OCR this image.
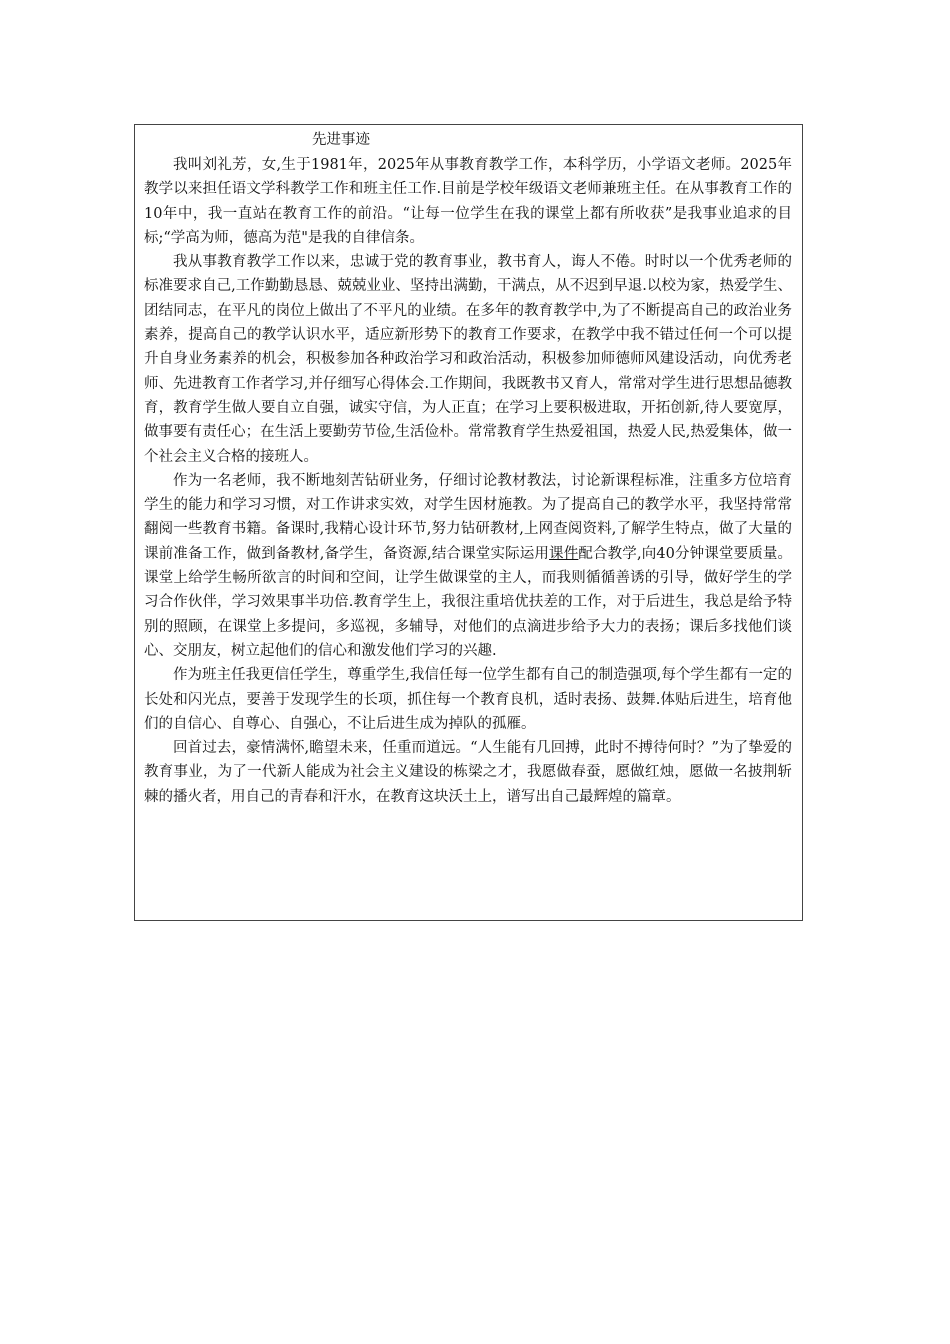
先进事迹

我叫刘礼芳，女,生于1981年，2025年从事教育教学工作，本科学历，小学语文老师。2025年教学以来担任语文学科教学工作和班主任工作.目前是学校年级语文老师兼班主任。在从事教育工作的10年中，我一直站在教育工作的前沿。“让每一位学生在我的课堂上都有所收获”是我事业追求的目标;“学高为师，德高为范"是我的自律信条。

我从事教育教学工作以来，忠诚于党的教育事业，教书育人，诲人不倦。时时以一个优秀老师的标准要求自己,工作勤勤恳恳、兢兢业业、坚持出满勤，干满点，从不迟到早退.以校为家，热爱学生、团结同志，在平凡的岗位上做出了不平凡的业绩。在多年的教育教学中,为了不断提高自己的政治业务素养，提高自己的教学认识水平，适应新形势下的教育工作要求，在教学中我不错过任何一个可以提升自身业务素养的机会，积极参加各种政治学习和政治活动，积极参加师德师风建设活动，向优秀老师、先进教育工作者学习,并仔细写心得体会.工作期间，我既教书又育人，常常对学生进行思想品德教育，教育学生做人要自立自强，诚实守信，为人正直；在学习上要积极进取，开拓创新,待人要宽厚，做事要有责任心；在生活上要勤劳节俭,生活俭朴。常常教育学生热爱祖国，热爱人民,热爱集体，做一个社会主义合格的接班人。

作为一名老师，我不断地刻苦钻研业务，仔细讨论教材教法，讨论新课程标准，注重多方位培育学生的能力和学习习惯，对工作讲求实效，对学生因材施教。为了提高自己的教学水平，我坚持常常翻阅一些教育书籍。备课时,我精心设计环节,努力钻研教材,上网查阅资料,了解学生特点，做了大量的课前准备工作，做到备教材,备学生，备资源,结合课堂实际运用课件配合教学,向40分钟课堂要质量。课堂上给学生畅所欲言的时间和空间，让学生做课堂的主人，而我则循循善诱的引导，做好学生的学习合作伙伴，学习效果事半功倍.教育学生上，我很注重培优扶差的工作，对于后进生，我总是给予特别的照顾，在课堂上多提问，多巡视，多辅导，对他们的点滴进步给予大力的表扬；课后多找他们谈心、交朋友，树立起他们的信心和激发他们学习的兴趣.

作为班主任我更信任学生，尊重学生,我信任每一位学生都有自己的制造强项,每个学生都有一定的长处和闪光点，要善于发现学生的长项，抓住每一个教育良机，适时表扬、鼓舞.体贴后进生，培育他们的自信心、自尊心、自强心，不让后进生成为掉队的孤雁。

回首过去，豪情满怀,瞻望未来，任重而道远。“人生能有几回搏，此时不搏待何时？”为了挚爱的教育事业，为了一代新人能成为社会主义建设的栋梁之才，我愿做春蚕，愿做红烛，愿做一名披荆斩棘的播火者，用自己的青春和汗水，在教育这块沃土上，谱写出自己最辉煌的篇章。
